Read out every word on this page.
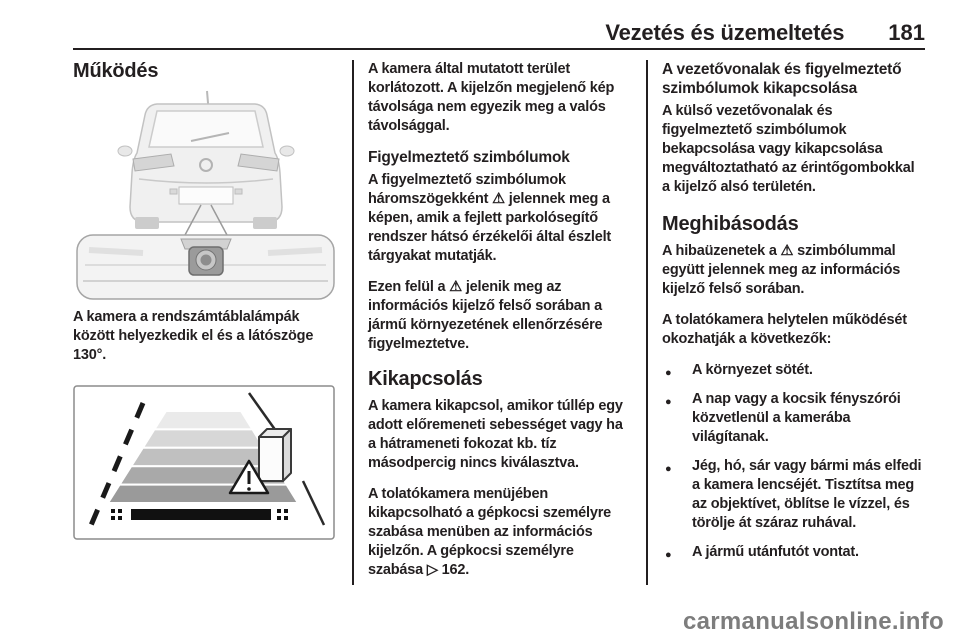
Vezetés és üzemeltetés 181
Működés

A kamera a rendszámtáblalámpák között helyezkedik el és a látószöge 130°.

A kamera által mutatott terület korlátozott. A kijelzőn megjelenő kép távolsága nem egyezik meg a valós távolsággal.

Figyelmeztető szimbólumok

A figyelmeztető szimbólumok háromszögekként ⚠ jelennek meg a képen, amik a fejlett parkolósegítő rendszer hátsó érzékelői által észlelt tárgyakat mutatják.

Ezen felül a ⚠ jelenik meg az információs kijelző felső sorában a jármű környezetének ellenőrzésére figyelmeztetve.

Kikapcsolás

A kamera kikapcsol, amikor túllép egy adott előremeneti sebességet vagy ha a hátrameneti fokozat kb. tíz másodpercig nincs kiválasztva.

A tolatókamera menüjében kikapcsolható a gépkocsi személyre szabása menüben az információs kijelzőn. A gépkocsi személyre szabása ▷ 162.

A vezetővonalak és figyelmeztető szimbólumok kikapcsolása

A külső vezetővonalak és figyelmeztető szimbólumok bekapcsolása vagy kikapcsolása megváltoztatható az érintőgombokkal a kijelző alsó területén.

Meghibásodás

A hibaüzenetek a ⚠ szimbólummal együtt jelennek meg az információs kijelző felső sorában.

A tolatókamera helytelen működését okozhatják a következők:

● A környezet sötét.
● A nap vagy a kocsik fényszórói közvetlenül a kamerába világítanak.
● Jég, hó, sár vagy bármi más elfedi a kamera lencséjét. Tisztítsa meg az objektívet, öblítse le vízzel, és törölje át száraz ruhával.
● A jármű utánfutót vontat.
carmanualsonline.info
